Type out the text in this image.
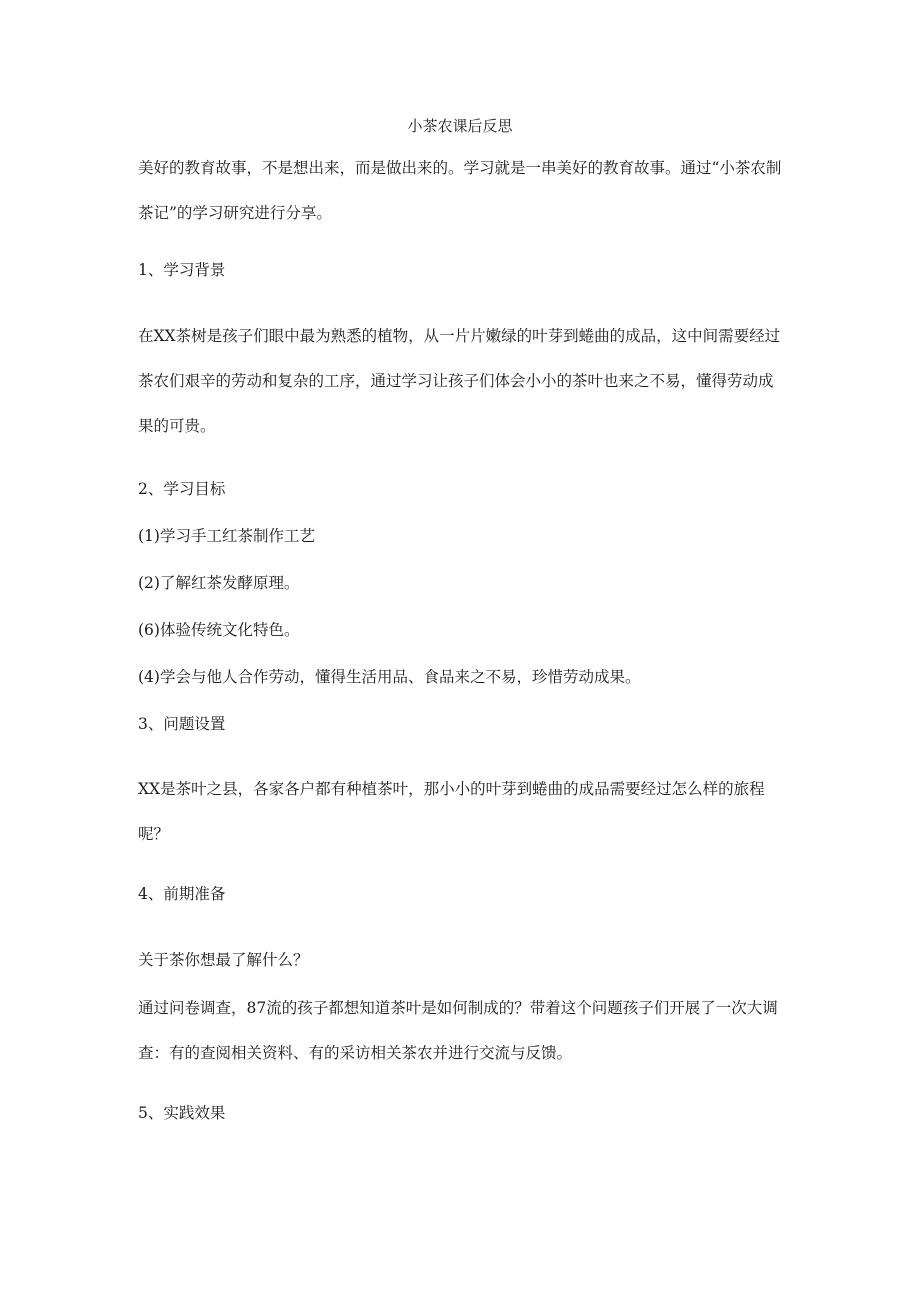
小茶农课后反思

美好的教育故事，不是想出来，而是做出来的。学习就是一串美好的教育故事。通过“小茶农制茶记”的学习研究进行分享。

1、学习背景

在XX茶树是孩子们眼中最为熟悉的植物，从一片片嫩绿的叶芽到蜷曲的成品，这中间需要经过茶农们艰辛的劳动和复杂的工序，通过学习让孩子们体会小小的茶叶也来之不易，懂得劳动成果的可贵。

2、学习目标

(1)学习手工红茶制作工艺

(2)了解红茶发酵原理。

(6)体验传统文化特色。

(4)学会与他人合作劳动，懂得生活用品、食品来之不易，珍惜劳动成果。

3、问题设置

XX是茶叶之县，各家各户都有种植茶叶，那小小的叶芽到蜷曲的成品需要经过怎么样的旅程呢？

4、前期准备

关于茶你想最了解什么？

通过问卷调查，87流的孩子都想知道茶叶是如何制成的？带着这个问题孩子们开展了一次大调查：有的查阅相关资料、有的采访相关茶农并进行交流与反馈。

5、实践效果
